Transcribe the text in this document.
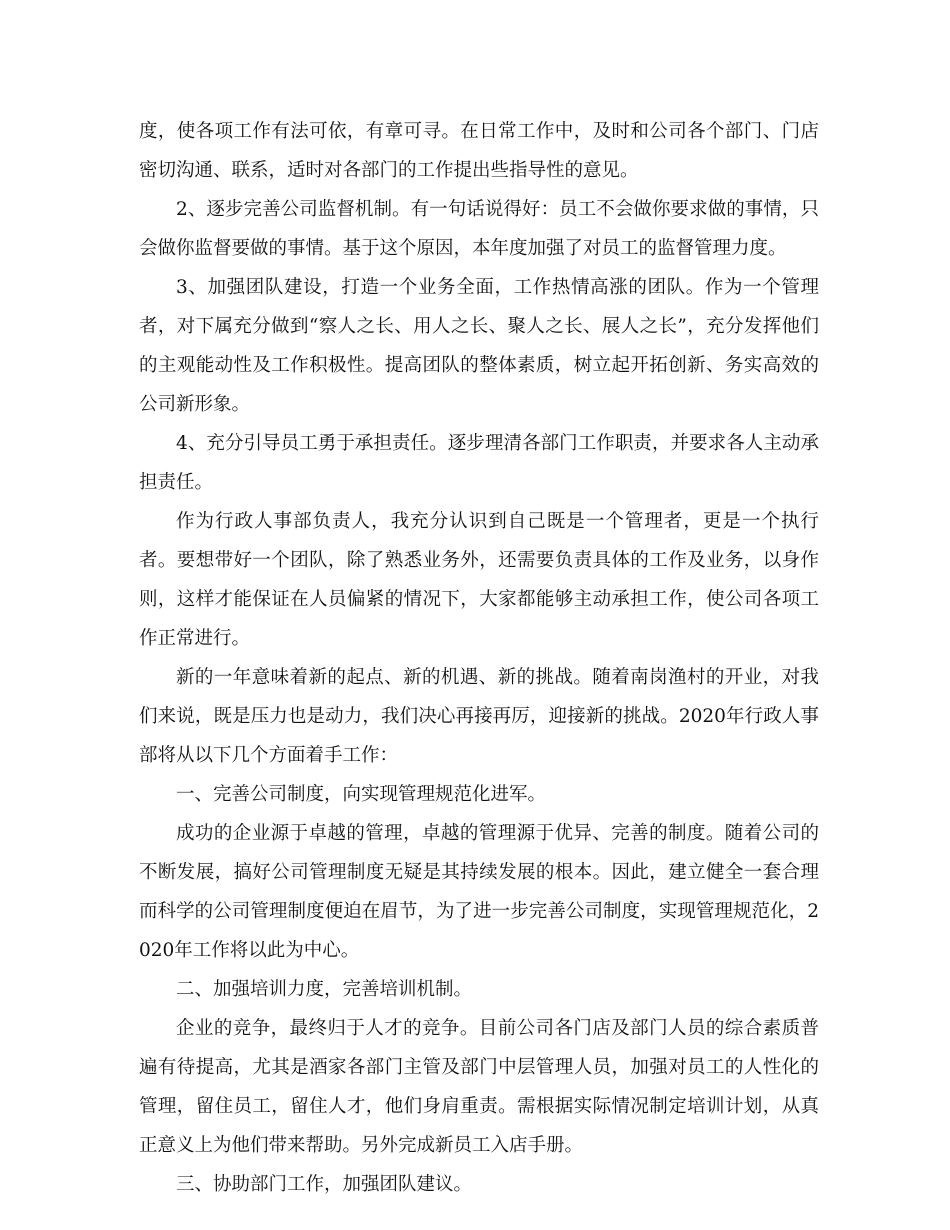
度，使各项工作有法可依，有章可寻。在日常工作中，及时和公司各个部门、门店密切沟通、联系，适时对各部门的工作提出些指导性的意见。

2、逐步完善公司监督机制。有一句话说得好：员工不会做你要求做的事情，只会做你监督要做的事情。基于这个原因，本年度加强了对员工的监督管理力度。

3、加强团队建设，打造一个业务全面，工作热情高涨的团队。作为一个管理者，对下属充分做到“察人之长、用人之长、聚人之长、展人之长”，充分发挥他们的主观能动性及工作积极性。提高团队的整体素质，树立起开拓创新、务实高效的公司新形象。

4、充分引导员工勇于承担责任。逐步理清各部门工作职责，并要求各人主动承担责任。

作为行政人事部负责人，我充分认识到自己既是一个管理者，更是一个执行者。要想带好一个团队，除了熟悉业务外，还需要负责具体的工作及业务，以身作则，这样才能保证在人员偏紧的情况下，大家都能够主动承担工作，使公司各项工作正常进行。

新的一年意味着新的起点、新的机遇、新的挑战。随着南岗渔村的开业，对我们来说，既是压力也是动力，我们决心再接再厉，迎接新的挑战。2020年行政人事部将从以下几个方面着手工作：

一、完善公司制度，向实现管理规范化进军。

成功的企业源于卓越的管理，卓越的管理源于优异、完善的制度。随着公司的不断发展，搞好公司管理制度无疑是其持续发展的根本。因此，建立健全一套合理而科学的公司管理制度便迫在眉节，为了进一步完善公司制度，实现管理规范化，2020年工作将以此为中心。

二、加强培训力度，完善培训机制。

企业的竞争，最终归于人才的竞争。目前公司各门店及部门人员的综合素质普遍有待提高，尤其是酒家各部门主管及部门中层管理人员，加强对员工的人性化的管理，留住员工，留住人才，他们身肩重责。需根据实际情况制定培训计划，从真正意义上为他们带来帮助。另外完成新员工入店手册。

三、协助部门工作，加强团队建议。
